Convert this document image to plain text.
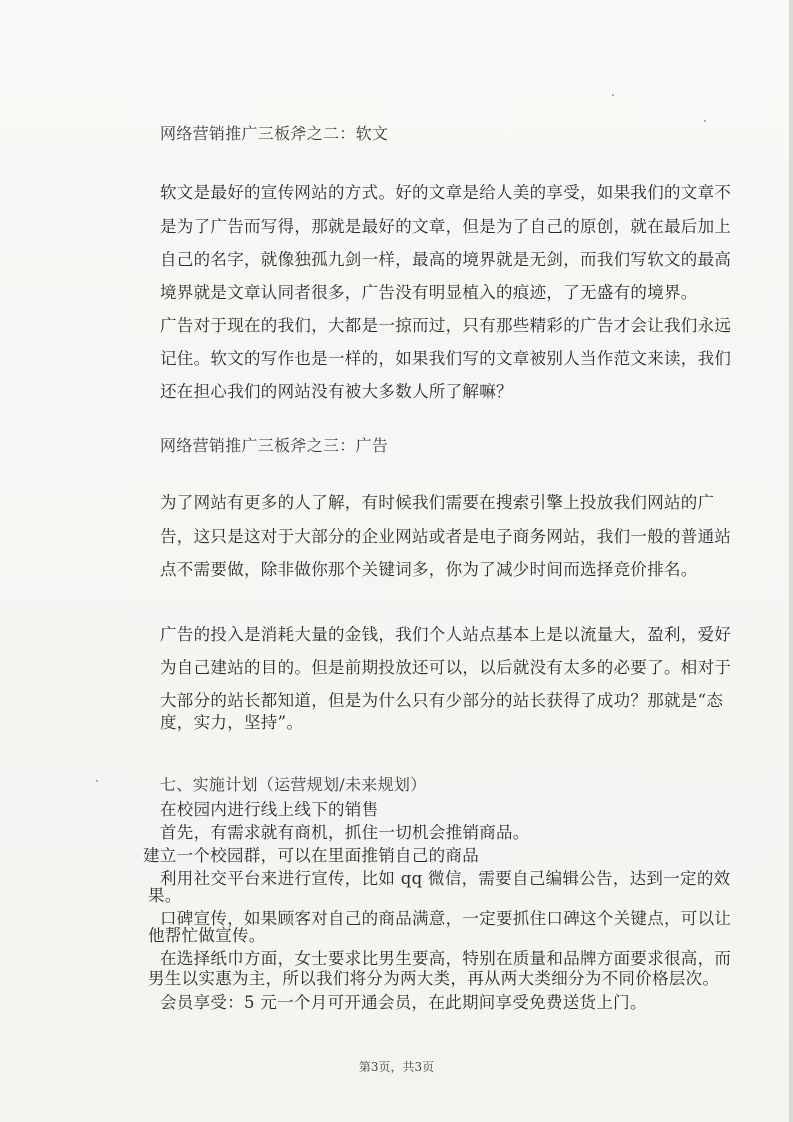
网络营销推广三板斧之二：软文
软文是最好的宣传网站的方式。好的文章是给人美的享受，如果我们的文章不
是为了广告而写得，那就是最好的文章，但是为了自己的原创，就在最后加上
自己的名字，就像独孤九剑一样，最高的境界就是无剑，而我们写软文的最高
境界就是文章认同者很多，广告没有明显植入的痕迹，了无盛有的境界。
广告对于现在的我们，大都是一掠而过，只有那些精彩的广告才会让我们永远
记住。软文的写作也是一样的，如果我们写的文章被别人当作范文来读，我们
还在担心我们的网站没有被大多数人所了解嘛？
网络营销推广三板斧之三：广告
为了网站有更多的人了解，有时候我们需要在搜索引擎上投放我们网站的广
告，这只是这对于大部分的企业网站或者是电子商务网站，我们一般的普通站
点不需要做，除非做你那个关键词多，你为了减少时间而选择竞价排名。
广告的投入是消耗大量的金钱，我们个人站点基本上是以流量大，盈利，爱好
为自己建站的目的。但是前期投放还可以，以后就没有太多的必要了。相对于
大部分的站长都知道，但是为什么只有少部分的站长获得了成功？那就是“态
度，实力，坚持”。
七、实施计划（运营规划/未来规划）
在校园内进行线上线下的销售
首先，有需求就有商机，抓住一切机会推销商品。
建立一个校园群，可以在里面推销自己的商品
利用社交平台来进行宣传，比如 qq 微信，需要自己编辑公告，达到一定的效
果。
口碑宣传，如果顾客对自己的商品满意，一定要抓住口碑这个关键点，可以让
他帮忙做宣传。
在选择纸巾方面，女士要求比男生要高，特别在质量和品牌方面要求很高，而
男生以实惠为主，所以我们将分为两大类，再从两大类细分为不同价格层次。
会员享受：5 元一个月可开通会员，在此期间享受免费送货上门。
第3页，共3页
